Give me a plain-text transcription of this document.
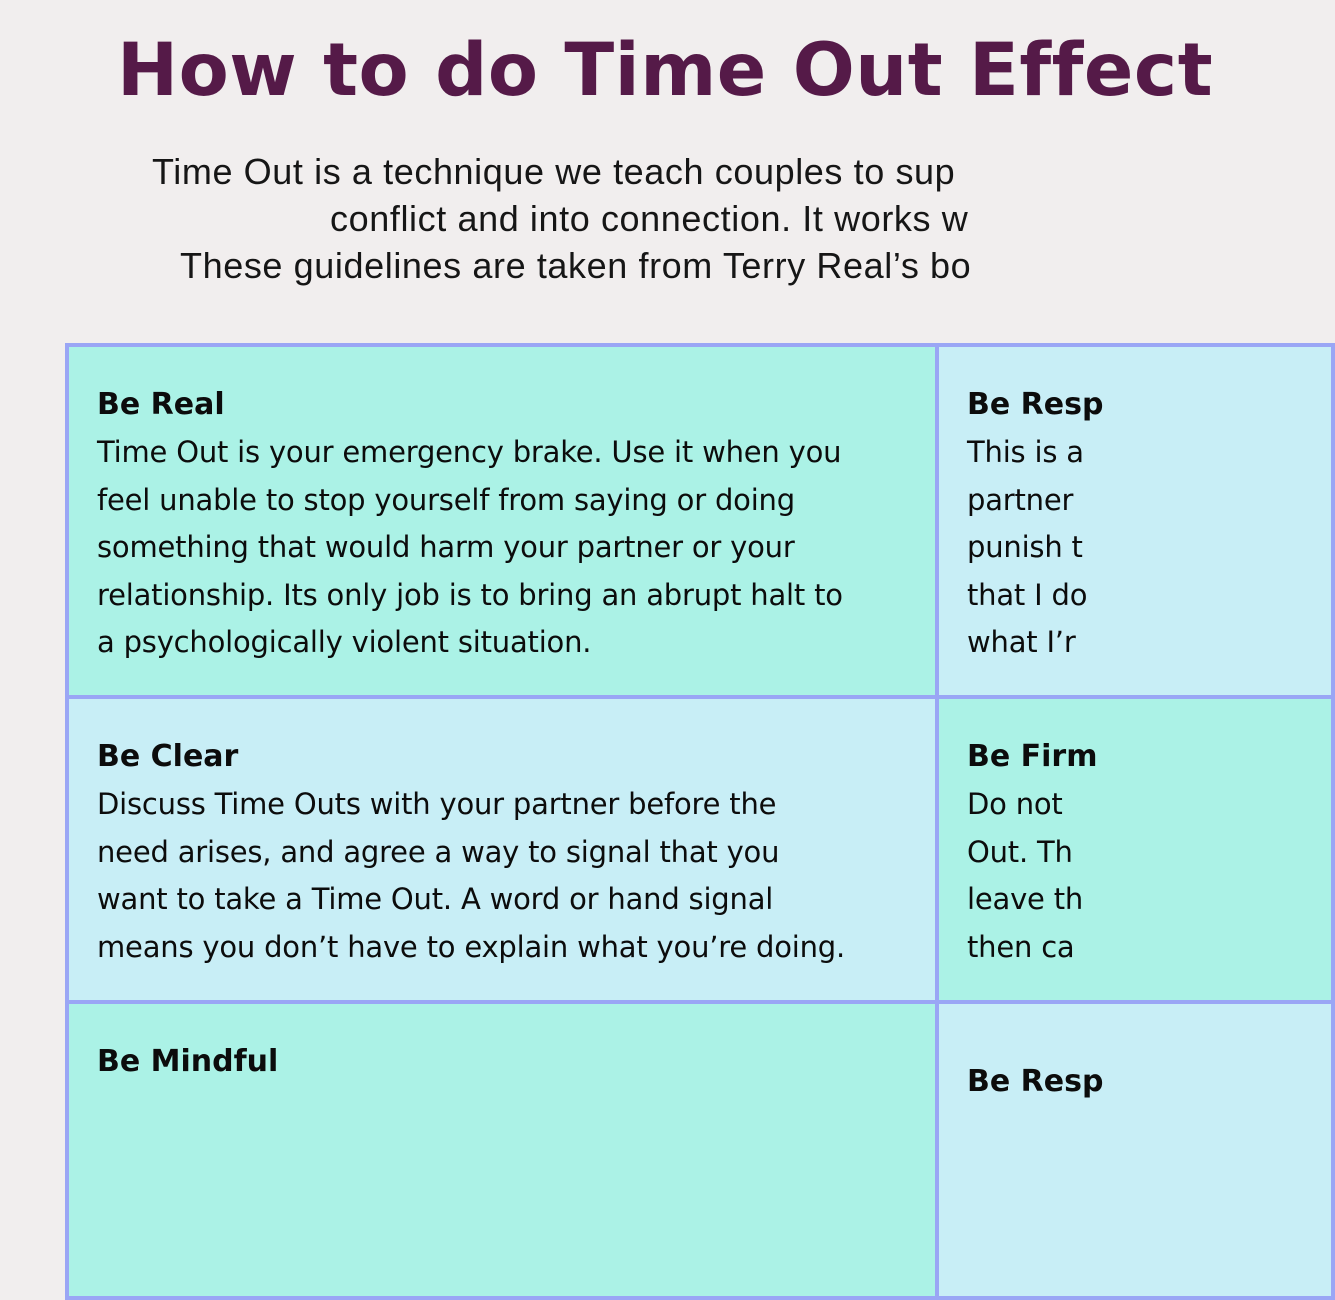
How to do Time Out Effect
Time Out is a technique we teach couples to sup
conflict and into connection. It works w
These guidelines are taken from Terry Real’s bo
Be Real
Time Out is your emergency brake. Use it when you
feel unable to stop yourself from saying or doing
something that would harm your partner or your
relationship. Its only job is to bring an abrupt halt to
a psychologically violent situation.
Be Resp
This is a
partner
punish t
that I do
what I’r
Be Clear
Discuss Time Outs with your partner before the
need arises, and agree a way to signal that you
want to take a Time Out. A word or hand signal
means you don’t have to explain what you’re doing.
Be Firm
Do not
Out. Th
leave th
then ca
Be Mindful
Be Resp
